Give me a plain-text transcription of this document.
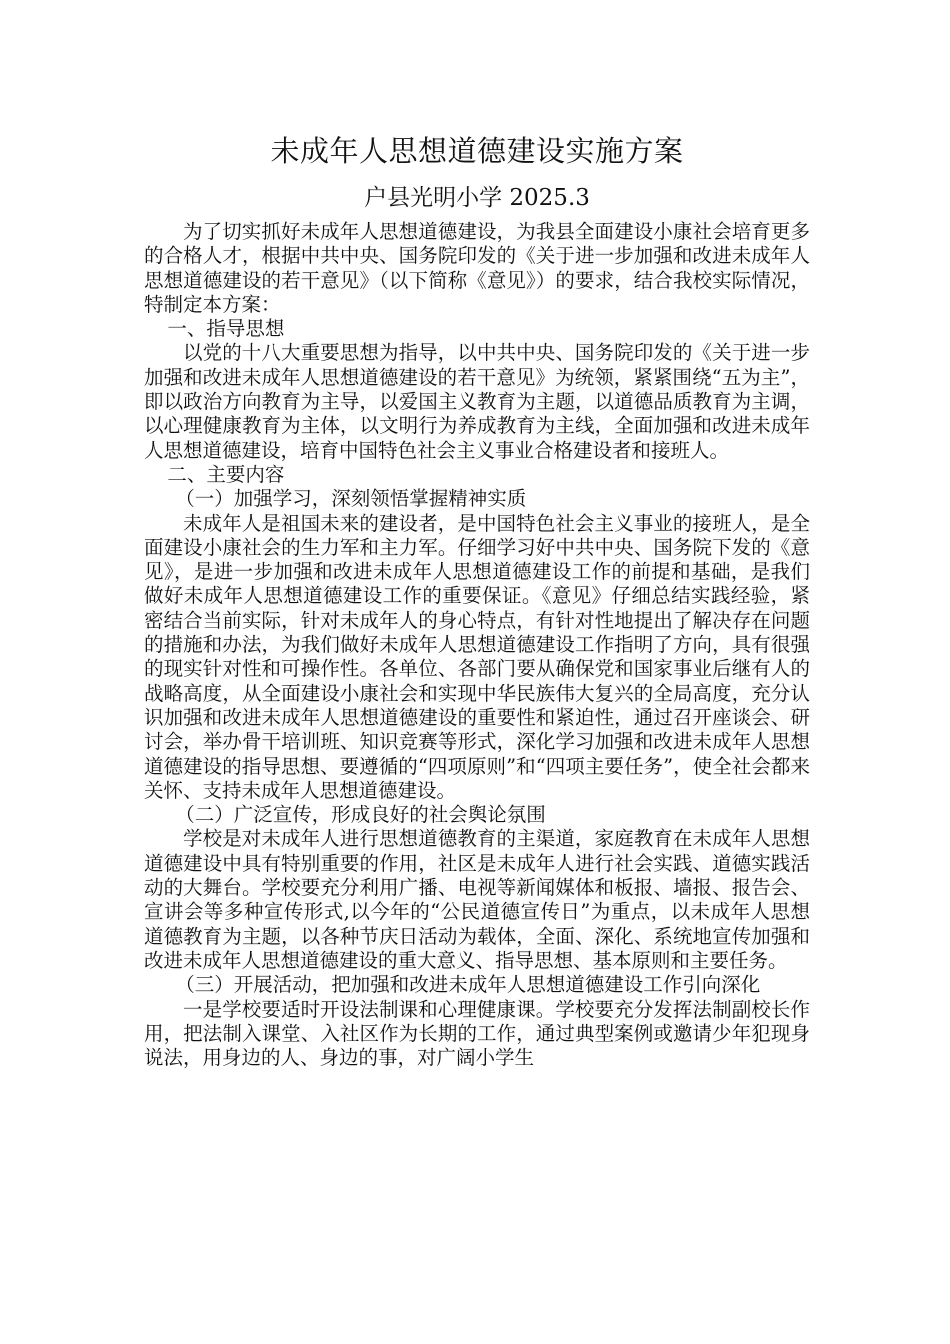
未成年人思想道德建设实施方案
户县光明小学 2025.3

为了切实抓好未成年人思想道德建设，为我县全面建设小康社会培育更多的合格人才，根据中共中央、国务院印发的《关于进一步加强和改进未成年人思想道德建设的若干意见》（以下简称《意见》）的要求，结合我校实际情况，特制定本方案：

一、指导思想

以党的十八大重要思想为指导，以中共中央、国务院印发的《关于进一步加强和改进未成年人思想道德建设的若干意见》为统领，紧紧围绕“五为主”，即以政治方向教育为主导，以爱国主义教育为主题，以道德品质教育为主调，以心理健康教育为主体，以文明行为养成教育为主线，全面加强和改进未成年人思想道德建设，培育中国特色社会主义事业合格建设者和接班人。

二、主要内容

（一）加强学习，深刻领悟掌握精神实质

未成年人是祖国未来的建设者，是中国特色社会主义事业的接班人，是全面建设小康社会的生力军和主力军。仔细学习好中共中央、国务院下发的《意见》，是进一步加强和改进未成年人思想道德建设工作的前提和基础，是我们做好未成年人思想道德建设工作的重要保证。《意见》仔细总结实践经验，紧密结合当前实际，针对未成年人的身心特点，有针对性地提出了解决存在问题的措施和办法，为我们做好未成年人思想道德建设工作指明了方向，具有很强的现实针对性和可操作性。各单位、各部门要从确保党和国家事业后继有人的战略高度，从全面建设小康社会和实现中华民族伟大复兴的全局高度，充分认识加强和改进未成年人思想道德建设的重要性和紧迫性，通过召开座谈会、研讨会，举办骨干培训班、知识竞赛等形式，深化学习加强和改进未成年人思想道德建设的指导思想、要遵循的“四项原则”和“四项主要任务”，使全社会都来关怀、支持未成年人思想道德建设。

（二）广泛宣传，形成良好的社会舆论氛围

学校是对未成年人进行思想道德教育的主渠道，家庭教育在未成年人思想道德建设中具有特别重要的作用，社区是未成年人进行社会实践、道德实践活动的大舞台。学校要充分利用广播、电视等新闻媒体和板报、墙报、报告会、宣讲会等多种宣传形式,以今年的“公民道德宣传日”为重点，以未成年人思想道德教育为主题，以各种节庆日活动为载体，全面、深化、系统地宣传加强和改进未成年人思想道德建设的重大意义、指导思想、基本原则和主要任务。

（三）开展活动，把加强和改进未成年人思想道德建设工作引向深化

一是学校要适时开设法制课和心理健康课。学校要充分发挥法制副校长作用，把法制入课堂、入社区作为长期的工作，通过典型案例或邀请少年犯现身说法，用身边的人、身边的事，对广阔小学生
